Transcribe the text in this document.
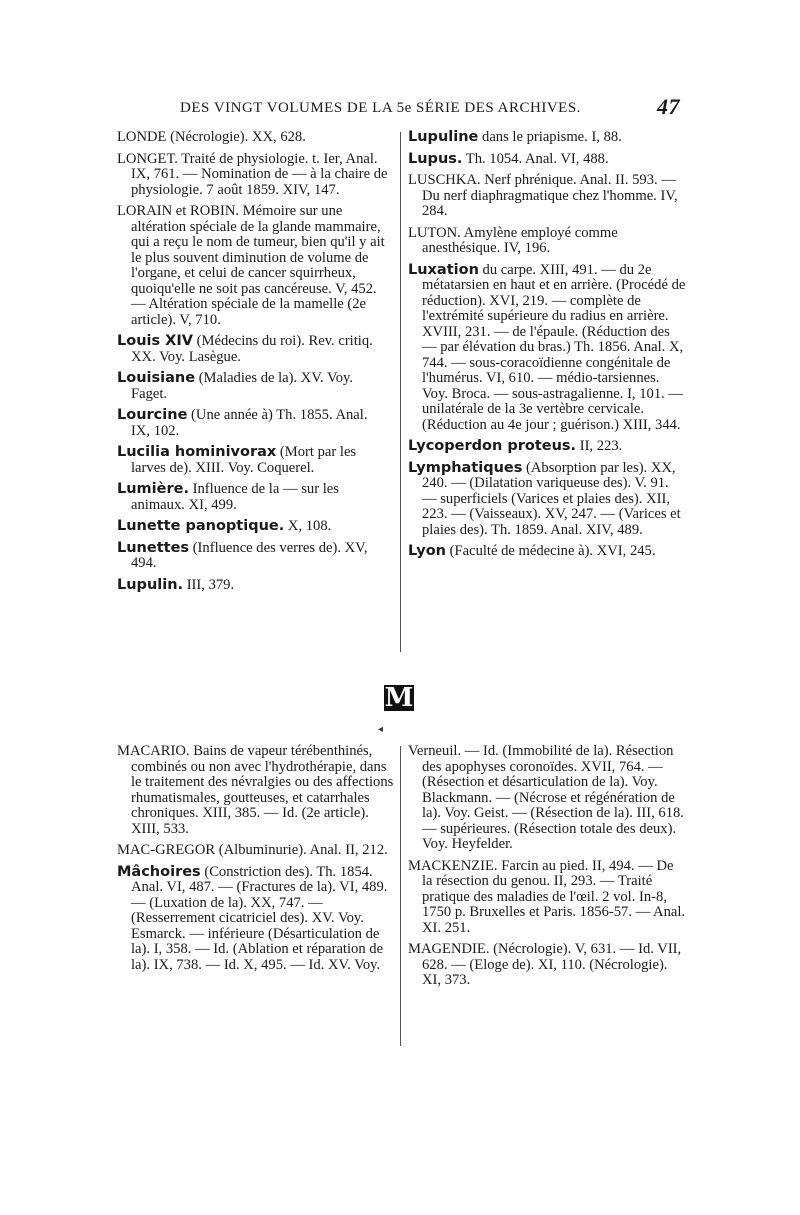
DES VINGT VOLUMES DE LA 5e SÉRIE DES ARCHIVES.	47
LONDE (Nécrologie). XX, 628.
LONGET. Traité de physiologie. t. Ier, Anal. IX, 761. — Nomination de — à la chaire de physiologie. 7 août 1859. XIV, 147.
LORAIN et ROBIN. Mémoire sur une altération spéciale de la glande mammaire, qui a reçu le nom de tumeur, bien qu'il y ait le plus souvent diminution de volume de l'organe, et celui de cancer squirrheux, quoiqu'elle ne soit pas cancéreuse. V, 452. — Altération spéciale de la mamelle (2e article). V, 710.
Louis XIV (Médecins du roi). Rev. critiq. XX. Voy. Lasègue.
Louisiane (Maladies de la). XV. Voy. Faget.
Lourcine (Une année à) Th. 1855. Anal. IX, 102.
Lucilia hominivorax (Mort par les larves de). XIII. Voy. Coquerel.
Lumière. Influence de la — sur les animaux. XI, 499.
Lunette panoptique. X, 108.
Lunettes (Influence des verres de). XV, 494.
Lupulin. III, 379.
Lupuline dans le priapisme. I, 88.
Lupus. Th. 1054. Anal. VI, 488.
LUSCHKA. Nerf phrénique. Anal. II. 593. — Du nerf diaphragmatique chez l'homme. IV, 284.
LUTON. Amylène employé comme anesthésique. IV, 196.
Luxation du carpe. XIII, 491. — du 2e métatarsien en haut et en arrière. (Procédé de réduction). XVI, 219. — complète de l'extrémité supérieure du radius en arrière. XVIII, 231. — de l'épaule. (Réduction des — par élévation du bras.) Th. 1856. Anal. X, 744. — sous-coracoïdienne congénitale de l'humérus. VI, 610. — médio-tarsiennes. Voy. Broca. — sous-astragalienne. I, 101. — unilatérale de la 3e vertèbre cervicale. (Réduction au 4e jour ; guérison.) XIII, 344.
Lycoperdon proteus. II, 223.
Lymphatiques (Absorption par les). XX, 240. — (Dilatation variqueuse des). V. 91. — superficiels (Varices et plaies des). XII, 223. — (Vaisseaux). XV, 247. — (Varices et plaies des). Th. 1859. Anal. XIV, 489.
Lyon (Faculté de médecine à). XVI, 245.
M
◂
MACARIO. Bains de vapeur térébenthinés, combinés ou non avec l'hydrothérapie, dans le traitement des névralgies ou des affections rhumatismales, goutteuses, et catarrhales chroniques. XIII, 385. — Id. (2e article). XIII, 533.
MAC-GREGOR (Albuminurie). Anal. II, 212.
Mâchoires (Constriction des). Th. 1854. Anal. VI, 487. — (Fractures de la). VI, 489. — (Luxation de la). XX, 747. — (Resserrement cicatriciel des). XV. Voy. Esmarck. — inférieure (Désarticulation de la). I, 358. — Id. (Ablation et réparation de la). IX, 738. — Id. X, 495. — Id. XV. Voy.
Verneuil. — Id. (Immobilité de la). Résection des apophyses coronoïdes. XVII, 764. — (Résection et désarticulation de la). Voy. Blackmann. — (Nécrose et régénération de la). Voy. Geist. — (Résection de la). III, 618. — supérieures. (Résection totale des deux). Voy. Heyfelder.
MACKENZIE. Farcin au pied. II, 494. — De la résection du genou. II, 293. — Traité pratique des maladies de l'œil. 2 vol. In-8, 1750 p. Bruxelles et Paris. 1856-57. — Anal. XI. 251.
MAGENDIE. (Nécrologie). V, 631. — Id. VII, 628. — (Eloge de). XI, 110. (Nécrologie). XI, 373.
